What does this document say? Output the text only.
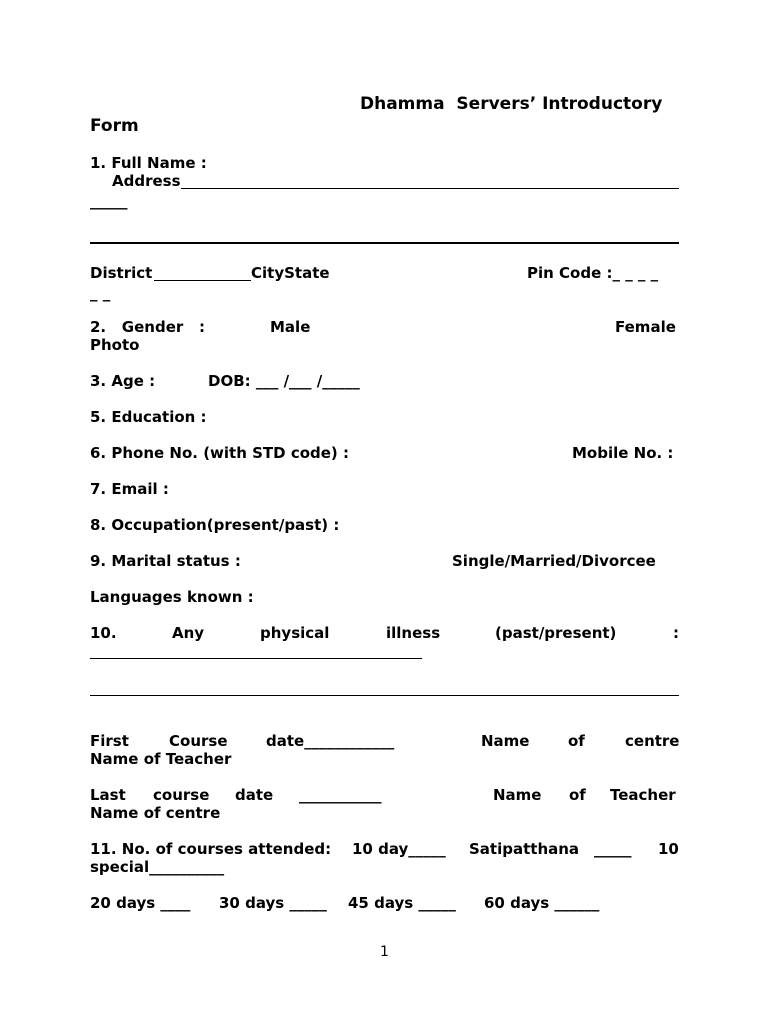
Dhamma  Servers’ Introductory
Form
1. Full Name :
Address
_____
District	CityState	Pin Code :_ _ _ _
_ _
2.   Gender   :	Male	Female
Photo
3. Age :	DOB: ___ /___ /_____
5. Education :
6. Phone No. (with STD code) :	Mobile No. :
7. Email :
8. Occupation(present/past) :
9. Marital status :	Single/Married/Divorcee
Languages known :
10.	Any	physical	illness	(past/present)	:
First	Course	date____________	Name	of	centre
Name of Teacher
Last course date ___________	Name of Teacher
Name of centre
11. No. of courses attended: 10 day_____ Satipatthana _____ 10
special__________
20 days ____ 30 days _____ 45 days _____ 60 days ______
1
